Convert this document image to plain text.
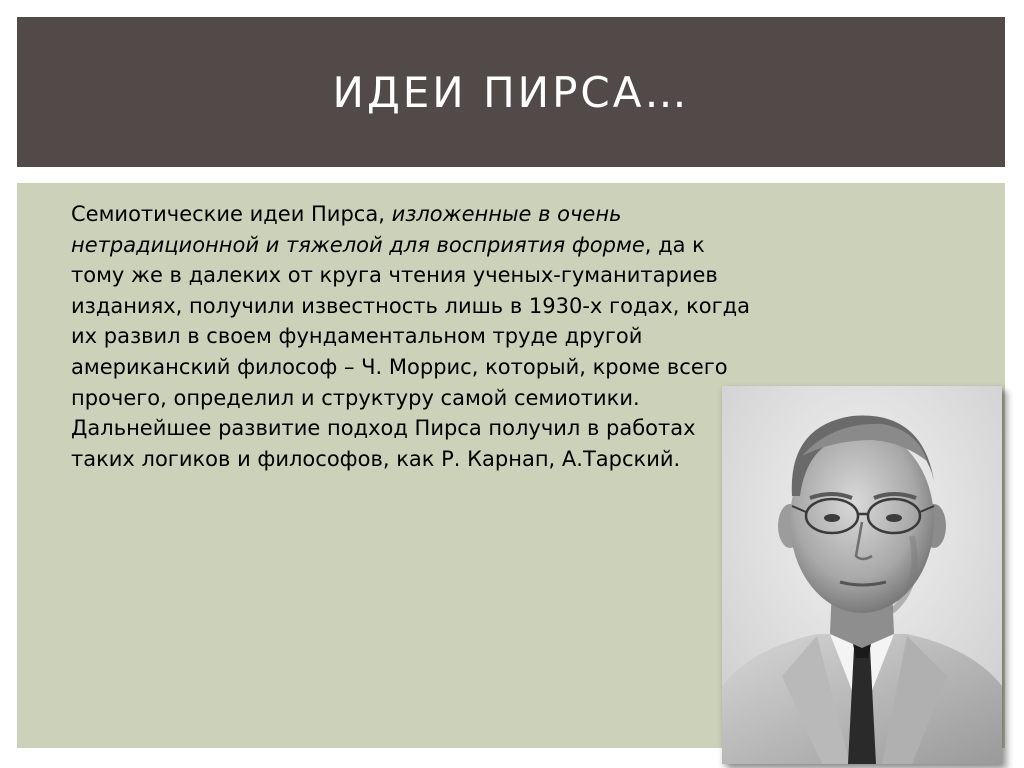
ИДЕИ ПИРСА…

Семиотические идеи Пирса, изложенные в очень нетрадиционной и тяжелой для восприятия форме, да к тому же в далеких от круга чтения ученых-гуманитариев изданиях, получили известность лишь в 1930-х годах, когда их развил в своем фундаментальном труде другой американский философ – Ч. Моррис, который, кроме всего прочего, определил и структуру самой семиотики. Дальнейшее развитие подход Пирса получил в работах таких логиков и философов, как Р. Карнап, А.Тарский.
